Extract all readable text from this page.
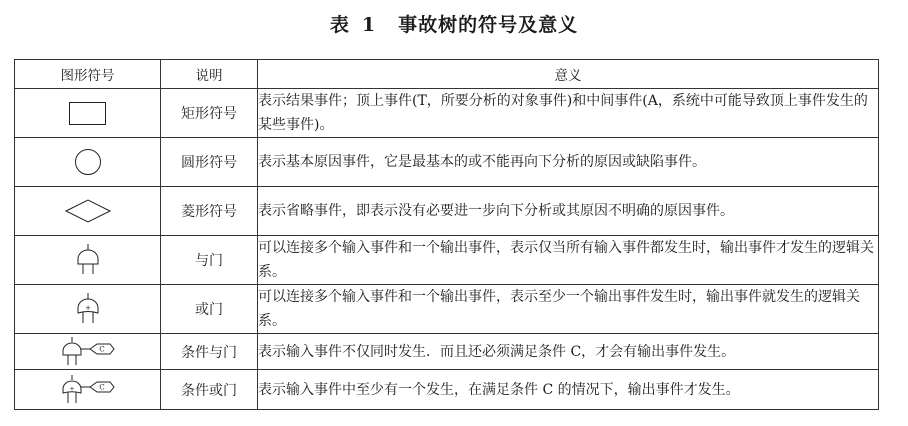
表 1 事故树的符号及意义
图形符号	说明	意义

	矩形符号	表示结果事件；顶上事件(T，所要分析的对象事件)和中间事件(A，系统中可能导致顶上事件发生的某些事件)。

	圆形符号	表示基本原因事件，它是最基本的或不能再向下分析的原因或缺陷事件。

	菱形符号	表示省略事件，即表示没有必要进一步向下分析或其原因不明确的原因事件。

	与门	可以连接多个输入事件和一个输出事件，表示仅当所有输入事件都发生时，输出事件才发生的逻辑关系。

+	或门	可以连接多个输入事件和一个输出事件，表示至少一个输出事件发生时，输出事件就发生的逻辑关系。

C	条件与门	表示输入事件不仅同时发生．而且还必须满足条件 C，才会有输出事件发生。

+ C	条件或门	表示输入事件中至少有一个发生，在满足条件 C 的情况下，输出事件才发生。
